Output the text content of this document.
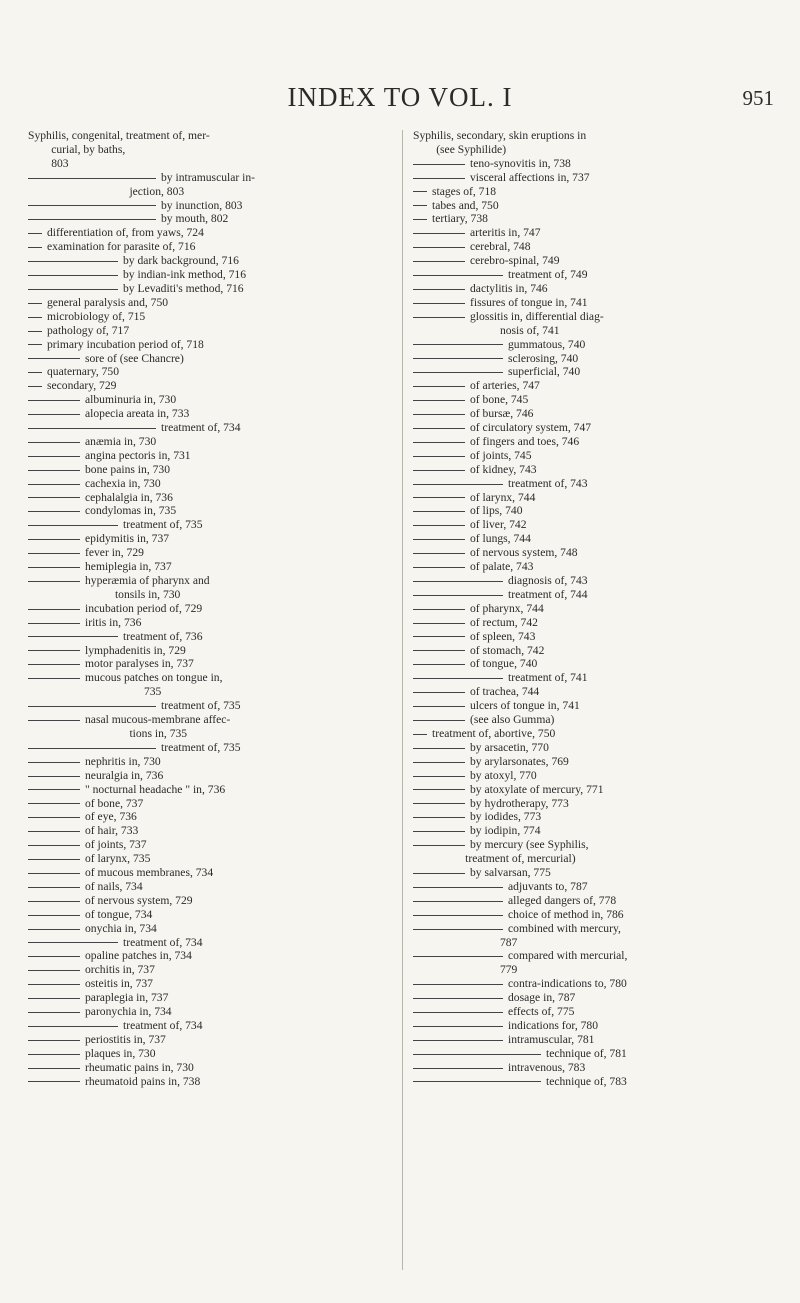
INDEX TO VOL. I	951
Syphilis, congenital, treatment of, mer-
curial, by baths,
803
by intramuscular in-
jection, 803
by inunction, 803
by mouth, 802
differentiation of, from yaws, 724
examination for parasite of, 716
by dark background, 716
by indian-ink method, 716
by Levaditi's method, 716
general paralysis and, 750
microbiology of, 715
pathology of, 717
primary incubation period of, 718
sore of (see Chancre)
quaternary, 750
secondary, 729
albuminuria in, 730
alopecia areata in, 733
treatment of, 734
anæmia in, 730
angina pectoris in, 731
bone pains in, 730
cachexia in, 730
cephalalgia in, 736
condylomas in, 735
treatment of, 735
epidymitis in, 737
fever in, 729
hemiplegia in, 737
hyperæmia of pharynx and
tonsils in, 730
incubation period of, 729
iritis in, 736
treatment of, 736
lymphadenitis in, 729
motor paralyses in, 737
mucous patches on tongue in,
735
treatment of, 735
nasal mucous-membrane affec-
tions in, 735
treatment of, 735
nephritis in, 730
neuralgia in, 736
" nocturnal headache " in, 736
of bone, 737
of eye, 736
of hair, 733
of joints, 737
of larynx, 735
of mucous membranes, 734
of nails, 734
of nervous system, 729
of tongue, 734
onychia in, 734
treatment of, 734
opaline patches in, 734
orchitis in, 737
osteitis in, 737
paraplegia in, 737
paronychia in, 734
treatment of, 734
periostitis in, 737
plaques in, 730
rheumatic pains in, 730
rheumatoid pains in, 738
Syphilis, secondary, skin eruptions in
(see Syphilide)
teno-synovitis in, 738
visceral affections in, 737
stages of, 718
tabes and, 750
tertiary, 738
arteritis in, 747
cerebral, 748
cerebro-spinal, 749
treatment of, 749
dactylitis in, 746
fissures of tongue in, 741
glossitis in, differential diag-
nosis of, 741
gummatous, 740
sclerosing, 740
superficial, 740
of arteries, 747
of bone, 745
of bursæ, 746
of circulatory system, 747
of fingers and toes, 746
of joints, 745
of kidney, 743
treatment of, 743
of larynx, 744
of lips, 740
of liver, 742
of lungs, 744
of nervous system, 748
of palate, 743
diagnosis of, 743
treatment of, 744
of pharynx, 744
of rectum, 742
of spleen, 743
of stomach, 742
of tongue, 740
treatment of, 741
of trachea, 744
ulcers of tongue in, 741
(see also Gumma)
treatment of, abortive, 750
by arsacetin, 770
by arylarsonates, 769
by atoxyl, 770
by atoxylate of mercury, 771
by hydrotherapy, 773
by iodides, 773
by iodipin, 774
by mercury (see Syphilis,
treatment of, mercurial)
by salvarsan, 775
adjuvants to, 787
alleged dangers of, 778
choice of method in, 786
combined with mercury,
787
compared with mercurial,
779
contra-indications to, 780
dosage in, 787
effects of, 775
indications for, 780
intramuscular, 781
technique of, 781
intravenous, 783
technique of, 783
